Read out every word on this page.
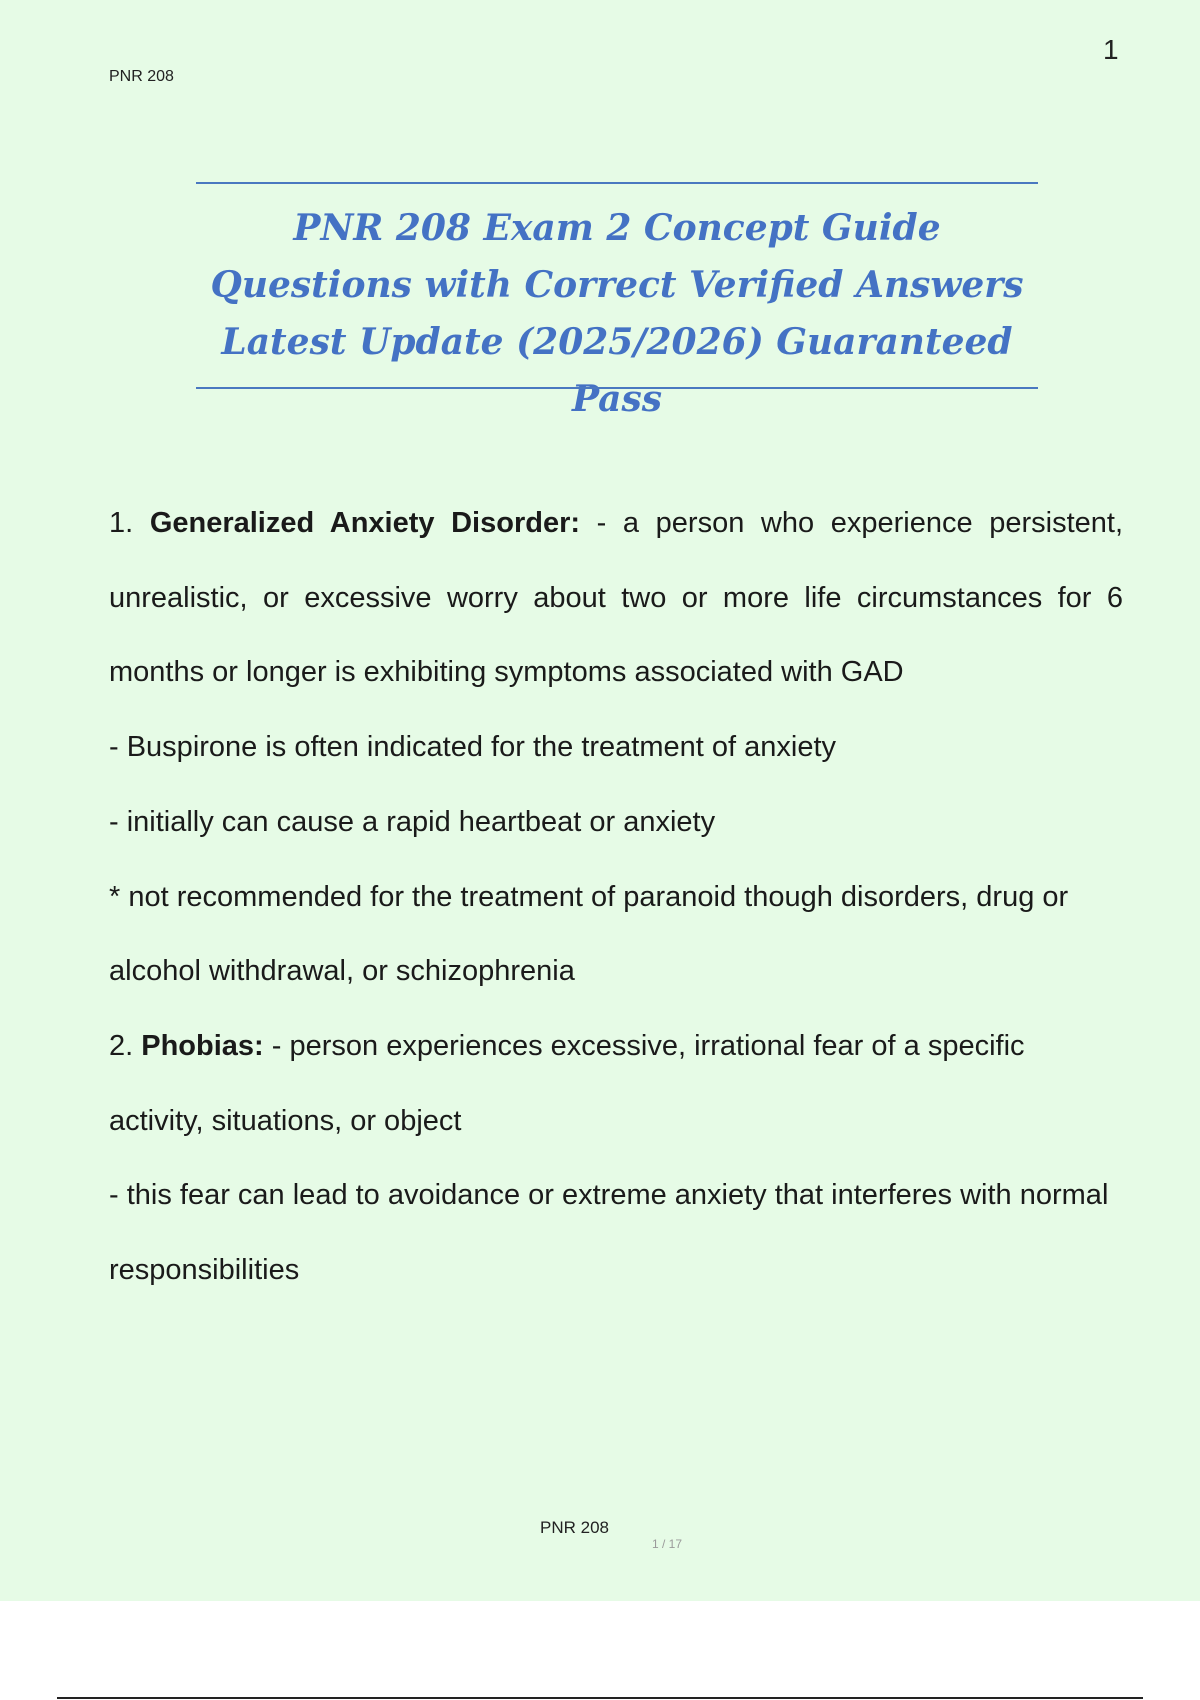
PNR 208
1
PNR 208 Exam 2 Concept Guide Questions with Correct Verified Answers Latest Update (2025/2026) Guaranteed Pass

1. Generalized Anxiety Disorder: - a person who experience persistent, unrealistic, or excessive worry about two or more life circumstances for 6 months or longer is exhibiting symptoms associated with GAD

- Buspirone is often indicated for the treatment of anxiety

- initially can cause a rapid heartbeat or anxiety

* not recommended for the treatment of paranoid though disorders, drug or alcohol withdrawal, or schizophrenia

2. Phobias: - person experiences excessive, irrational fear of a specific activity, situations, or object

- this fear can lead to avoidance or extreme anxiety that interferes with normal responsibilities

PNR 208
1 / 17
